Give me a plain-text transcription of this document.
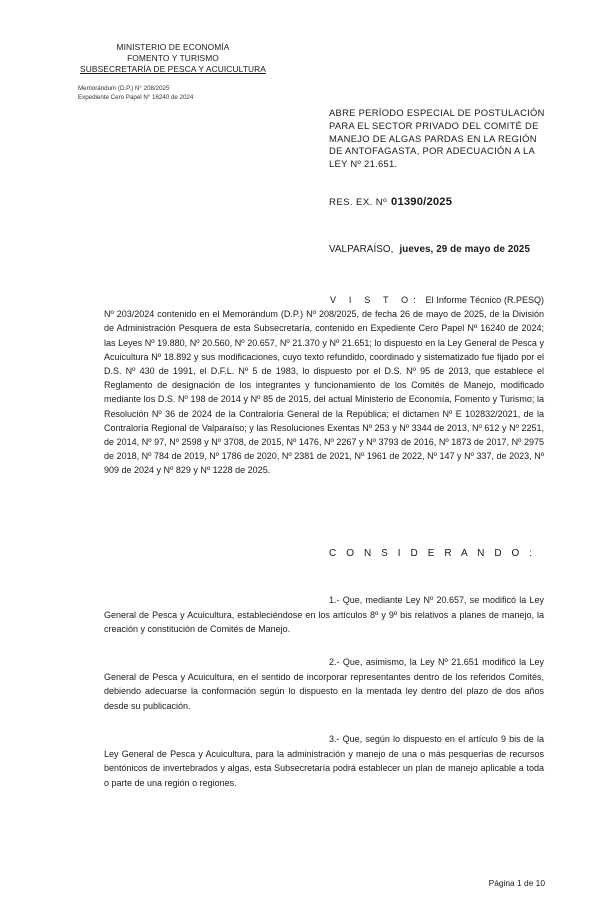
MINISTERIO DE ECONOMÍA
FOMENTO Y TURISMO
SUBSECRETARÍA DE PESCA Y ACUICULTURA
Memorándum (D.P.) N° 208/2025
Expediente Cero Papel N° 16240 de 2024
ABRE PERÍODO ESPECIAL DE POSTULACIÓN PARA EL SECTOR PRIVADO DEL COMITÉ DE MANEJO DE ALGAS PARDAS EN LA REGIÓN DE ANTOFAGASTA, POR ADECUACIÓN A LA LEY Nº 21.651.
RES. EX. Nº 01390/2025
VALPARAÍSO, jueves, 29 de mayo de 2025

V I S T O: El Informe Técnico (R.PESQ) Nº 203/2024 contenido en el Memorándum (D.P.) Nº 208/2025, de fecha 26 de mayo de 2025, de la División de Administración Pesquera de esta Subsecretaría, contenido en Expediente Cero Papel Nº 16240 de 2024; las Leyes Nº 19.880, Nº 20.560, Nº 20.657, Nº 21.370 y Nº 21.651; lo dispuesto en la Ley General de Pesca y Acuicultura Nº 18.892 y sus modificaciones, cuyo texto refundido, coordinado y sistematizado fue fijado por el D.S. Nº 430 de 1991, el D.F.L. Nº 5 de 1983, lo dispuesto por el D.S. Nº 95 de 2013, que establece el Reglamento de designación de los integrantes y funcionamiento de los Comités de Manejo, modificado mediante los D.S. Nº 198 de 2014 y Nº 85 de 2015, del actual Ministerio de Economía, Fomento y Turismo; la Resolución Nº 36 de 2024 de la Contraloría General de la República; el dictamen Nº E 102832/2021, de la Contraloría Regional de Valparaíso; y las Resoluciones Exentas Nº 253 y Nº 3344 de 2013, Nº 612 y Nº 2251, de 2014, Nº 97, Nº 2598 y Nº 3708, de 2015, Nº 1476, Nº 2267 y Nº 3793 de 2016, Nº 1873 de 2017, Nº 2975 de 2018, Nº 784 de 2019, Nº 1786 de 2020, Nº 2381 de 2021, Nº 1961 de 2022, Nº 147 y Nº 337, de 2023, Nº 909 de 2024 y Nº 829 y Nº 1228 de 2025.

C O N S I D E R A N D O :

1.- Que, mediante Ley Nº 20.657, se modificó la Ley General de Pesca y Acuicultura, estableciéndose en los artículos 8º y 9º bis relativos a planes de manejo, la creación y constitución de Comités de Manejo.

2.- Que, asimismo, la Ley Nº 21.651 modificó la Ley General de Pesca y Acuicultura, en el sentido de incorporar representantes dentro de los referidos Comités, debiendo adecuarse la conformación según lo dispuesto en la mentada ley dentro del plazo de dos años desde su publicación.

3.- Que, según lo dispuesto en el artículo 9 bis de la Ley General de Pesca y Acuicultura, para la administración y manejo de una o más pesquerías de recursos bentónicos de invertebrados y algas, esta Subsecretaría podrá establecer un plan de manejo aplicable a toda o parte de una región o regiones.

Página 1 de 10
